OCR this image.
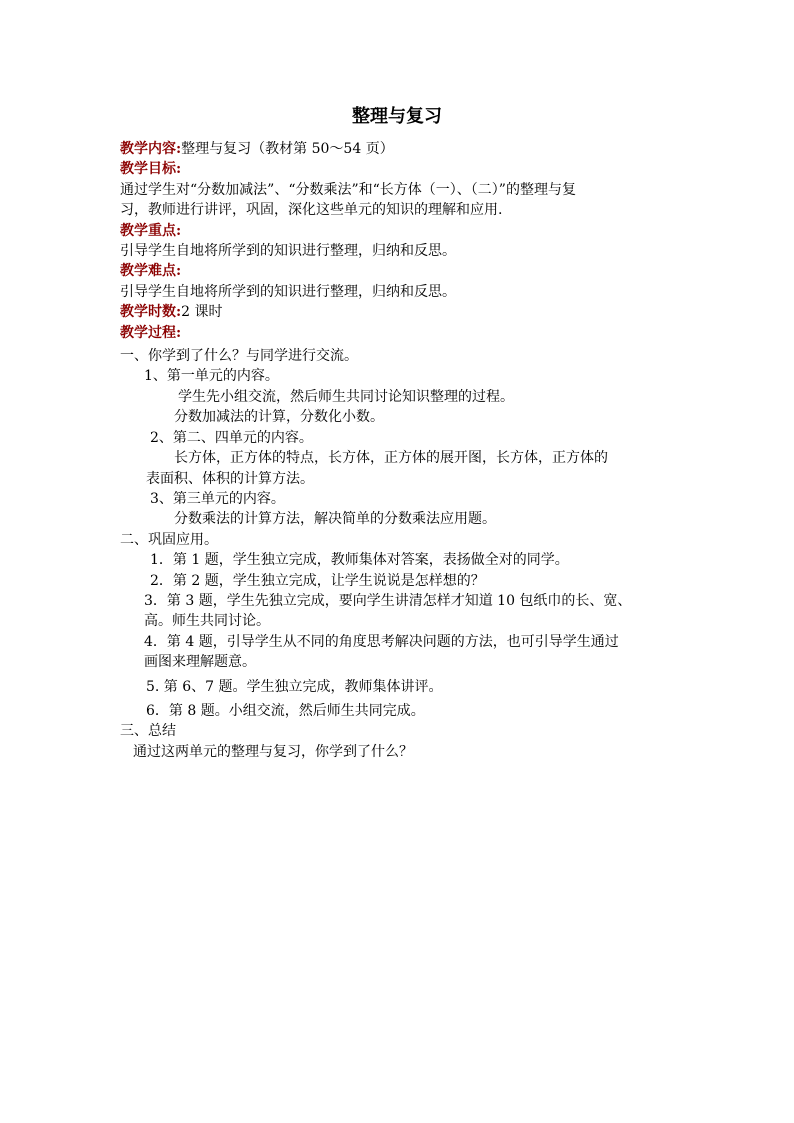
整理与复习
教学内容:整理与复习（教材第 50～54 页）
教学目标:
通过学生对“分数加减法”、“分数乘法”和“长方体（一）、（二）”的整理与复
习，教师进行讲评，巩固，深化这些单元的知识的理解和应用.
教学重点:
引导学生自地将所学到的知识进行整理，归纳和反思。
教学难点:
引导学生自地将所学到的知识进行整理，归纳和反思。
教学时数:2 课时
教学过程:
一、你学到了什么？与同学进行交流。
1、第一单元的内容。
学生先小组交流，然后师生共同讨论知识整理的过程。
分数加减法的计算，分数化小数。
2、第二、四单元的内容。
长方体，正方体的特点，长方体，正方体的展开图，长方体，正方体的
表面积、体积的计算方法。
3、第三单元的内容。
分数乘法的计算方法，解决简单的分数乘法应用题。
二、巩固应用。
1．第 1 题，学生独立完成，教师集体对答案，表扬做全对的同学。
2．第 2 题，学生独立完成，让学生说说是怎样想的？
3．第 3 题，学生先独立完成，要向学生讲清怎样才知道 10 包纸巾的长、宽、
高。师生共同讨论。
4．第 4 题，引导学生从不同的角度思考解决问题的方法，也可引导学生通过
画图来理解题意。
5. 第 6、7 题。学生独立完成，教师集体讲评。
6．第 8 题。小组交流，然后师生共同完成。
三、总结
通过这两单元的整理与复习，你学到了什么？
